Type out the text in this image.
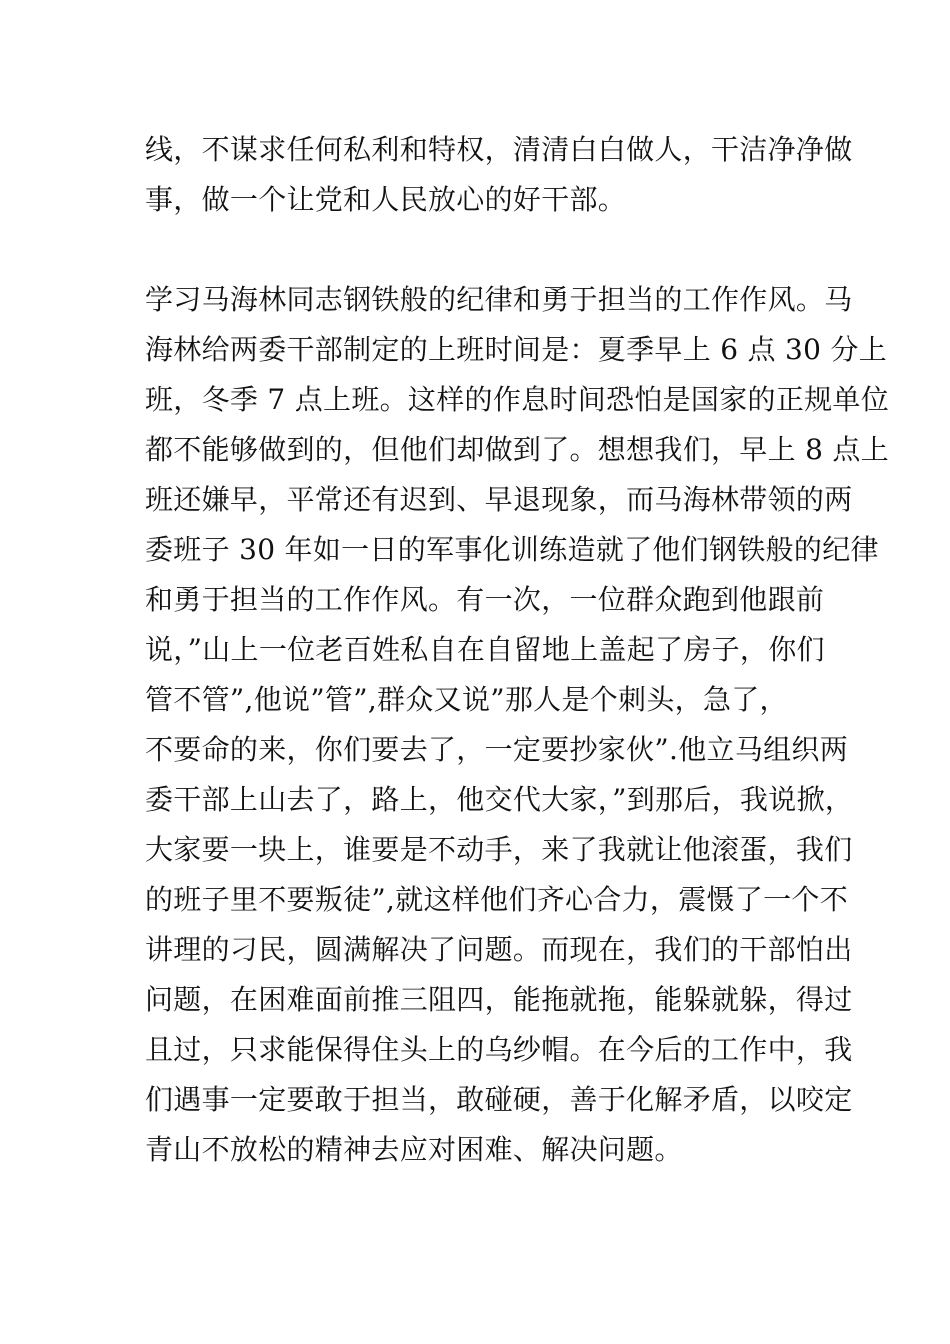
线，不谋求任何私利和特权，清清白白做人，干洁净净做
事，做一个让党和人民放心的好干部。
学习马海林同志钢铁般的纪律和勇于担当的工作作风。马
海林给两委干部制定的上班时间是：夏季早上 6 点 30 分上
班，冬季 7 点上班。这样的作息时间恐怕是国家的正规单位
都不能够做到的，但他们却做到了。想想我们，早上 8 点上
班还嫌早，平常还有迟到、早退现象，而马海林带领的两
委班子 30 年如一日的军事化训练造就了他们钢铁般的纪律
和勇于担当的工作作风。有一次，一位群众跑到他跟前
说，”山上一位老百姓私自在自留地上盖起了房子，你们
管不管”,他说”管”,群众又说”那人是个刺头，急了，
不要命的来，你们要去了，一定要抄家伙”.他立马组织两
委干部上山去了，路上，他交代大家，”到那后，我说掀，
大家要一块上，谁要是不动手，来了我就让他滚蛋，我们
的班子里不要叛徒”,就这样他们齐心合力，震慑了一个不
讲理的刁民，圆满解决了问题。而现在，我们的干部怕出
问题，在困难面前推三阻四，能拖就拖，能躲就躲，得过
且过，只求能保得住头上的乌纱帽。在今后的工作中，我
们遇事一定要敢于担当，敢碰硬，善于化解矛盾，以咬定
青山不放松的精神去应对困难、解决问题。
